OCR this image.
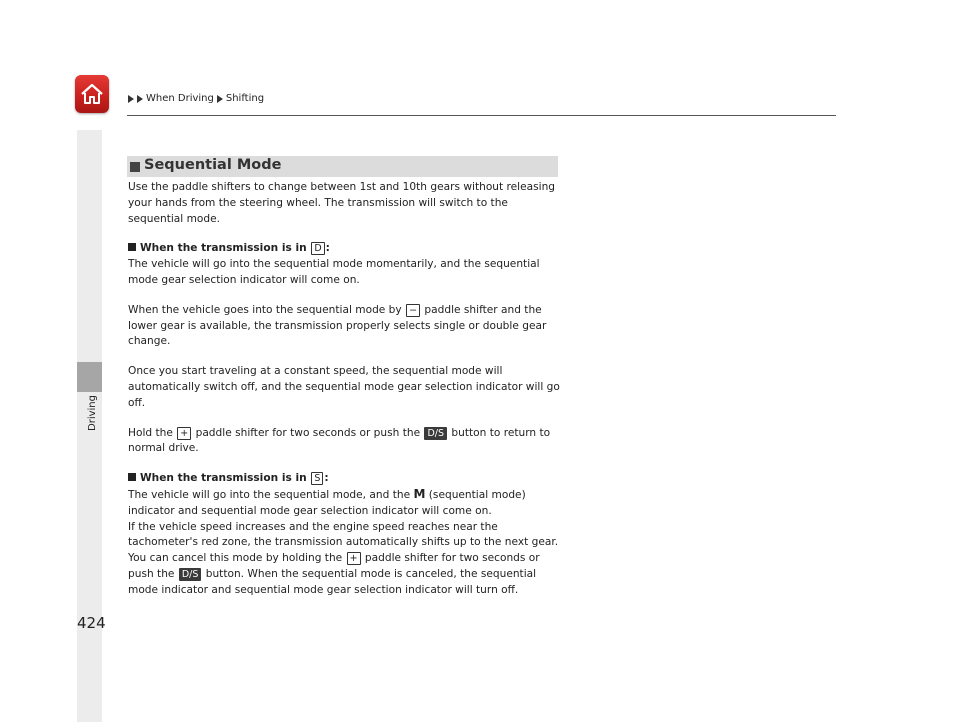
When Driving Shifting
Driving
424
Sequential Mode

Use the paddle shifters to change between 1st and 10th gears without releasing your hands from the steering wheel. The transmission will switch to the sequential mode.

When the transmission is in D :

The vehicle will go into the sequential mode momentarily, and the sequential mode gear selection indicator will come on.

When the vehicle goes into the sequential mode by − paddle shifter and the lower gear is available, the transmission properly selects single or double gear change.

Once you start traveling at a constant speed, the sequential mode will automatically switch off, and the sequential mode gear selection indicator will go off.

Hold the + paddle shifter for two seconds or push the D/S button to return to normal drive.

When the transmission is in S :

The vehicle will go into the sequential mode, and the M (sequential mode) indicator and sequential mode gear selection indicator will come on.

If the vehicle speed increases and the engine speed reaches near the tachometer's red zone, the transmission automatically shifts up to the next gear.

You can cancel this mode by holding the + paddle shifter for two seconds or push the D/S button. When the sequential mode is canceled, the sequential mode indicator and sequential mode gear selection indicator will turn off.
